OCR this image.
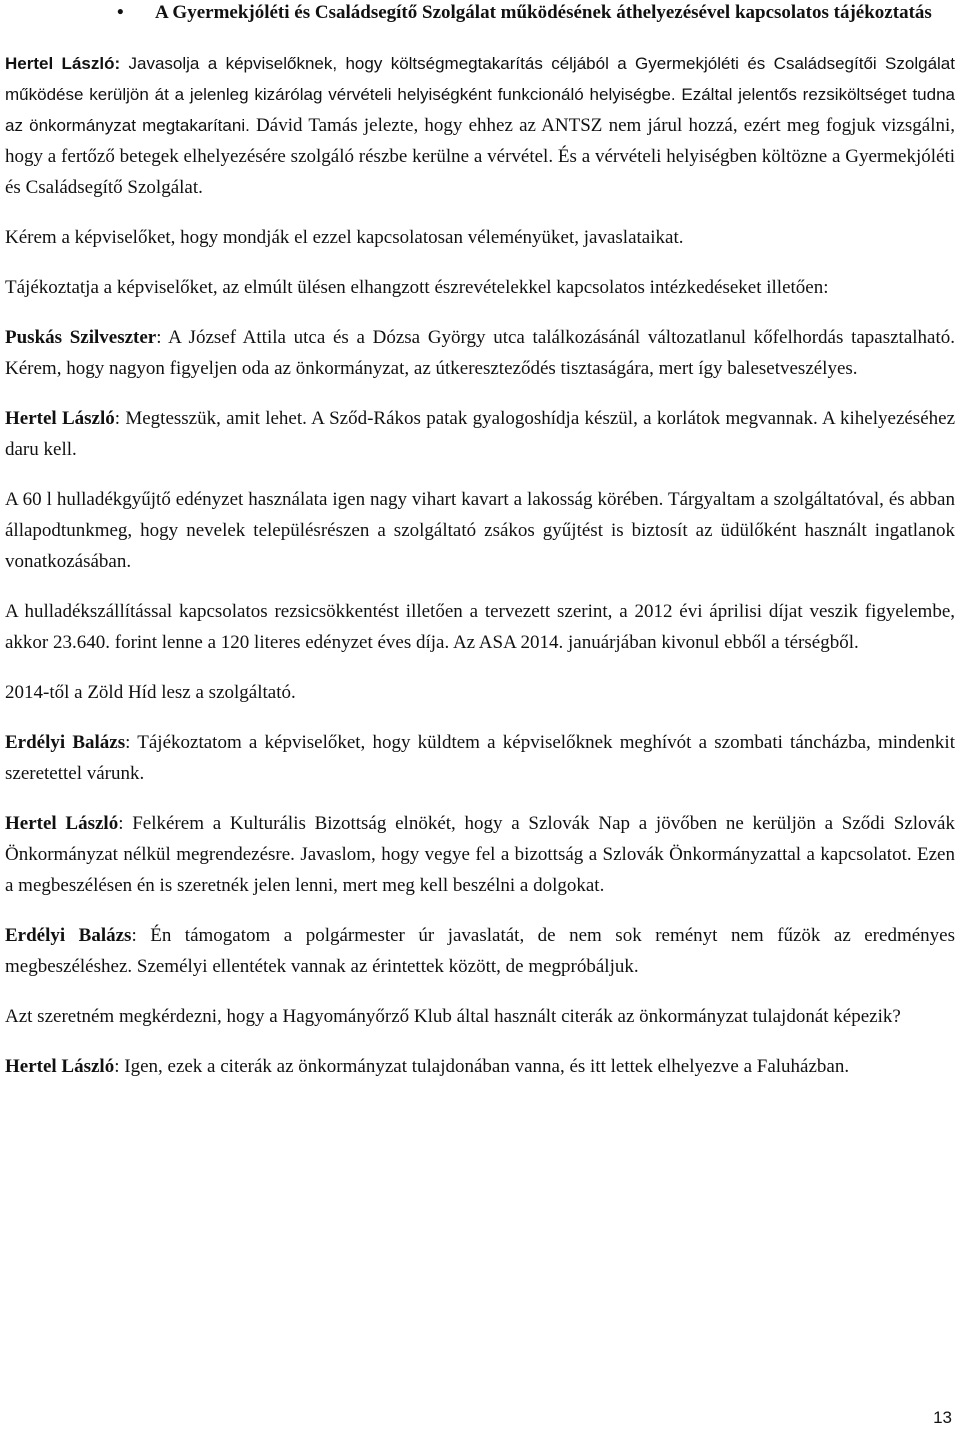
• A Gyermekjóléti és Családsegítő Szolgálat működésének áthelyezésével kapcsolatos tájékoztatás

Hertel László: Javasolja a képviselőknek, hogy költségmegtakarítás céljából a Gyermekjóléti és Családsegítői Szolgálat működése kerüljön át a jelenleg kizárólag vérvételi helyiségként funkcionáló helyiségbe. Ezáltal jelentős rezsiköltséget tudna az önkormányzat megtakarítani. Dávid Tamás jelezte, hogy ehhez az ANTSZ nem járul hozzá, ezért meg fogjuk vizsgálni, hogy a fertőző betegek elhelyezésére szolgáló részbe kerülne a vérvétel. És a vérvételi helyiségben költözne a Gyermekjóléti és Családsegítő Szolgálat.

Kérem a képviselőket, hogy mondják el ezzel kapcsolatosan véleményüket, javaslataikat.

Tájékoztatja a képviselőket, az elmúlt ülésen elhangzott észrevételekkel kapcsolatos intézkedéseket illetően:

Puskás Szilveszter: A József Attila utca és a Dózsa György utca találkozásánál változatlanul kőfelhordás tapasztalható. Kérem, hogy nagyon figyeljen oda az önkormányzat, az útkereszteződés tisztaságára, mert így balesetveszélyes.

Hertel László: Megtesszük, amit lehet. A Sződ-Rákos patak gyalogoshídja készül, a korlátok megvannak. A kihelyezéséhez daru kell.

A 60 l hulladékgyűjtő edényzet használata igen nagy vihart kavart a lakosság körében. Tárgyaltam a szolgáltatóval, és abban állapodtunkmeg, hogy nevelek településrészen a szolgáltató zsákos gyűjtést is biztosít az üdülőként használt ingatlanok vonatkozásában.

A hulladékszállítással kapcsolatos rezsicsökkentést illetően a tervezett szerint, a 2012 évi áprilisi díjat veszik figyelembe, akkor 23.640. forint lenne a 120 literes edényzet éves díja. Az ASA 2014. januárjában kivonul ebből a térségből.

2014-től a Zöld Híd lesz a szolgáltató.

Erdélyi Balázs: Tájékoztatom a képviselőket, hogy küldtem a képviselőknek meghívót a szombati táncházba, mindenkit szeretettel várunk.

Hertel László: Felkérem a Kulturális Bizottság elnökét, hogy a Szlovák Nap a jövőben ne kerüljön a Sződi Szlovák Önkormányzat nélkül megrendezésre. Javaslom, hogy vegye fel a bizottság a Szlovák Önkormányzattal a kapcsolatot. Ezen a megbeszélésen én is szeretnék jelen lenni, mert meg kell beszélni a dolgokat.

Erdélyi Balázs: Én támogatom a polgármester úr javaslatát, de nem sok reményt nem fűzök az eredményes megbeszéléshez. Személyi ellentétek vannak az érintettek között, de megpróbáljuk.

Azt szeretném megkérdezni, hogy a Hagyományőrző Klub által használt citerák az önkormányzat tulajdonát képezik?

Hertel László: Igen, ezek a citerák az önkormányzat tulajdonában vanna, és itt lettek elhelyezve a Faluházban.

13
